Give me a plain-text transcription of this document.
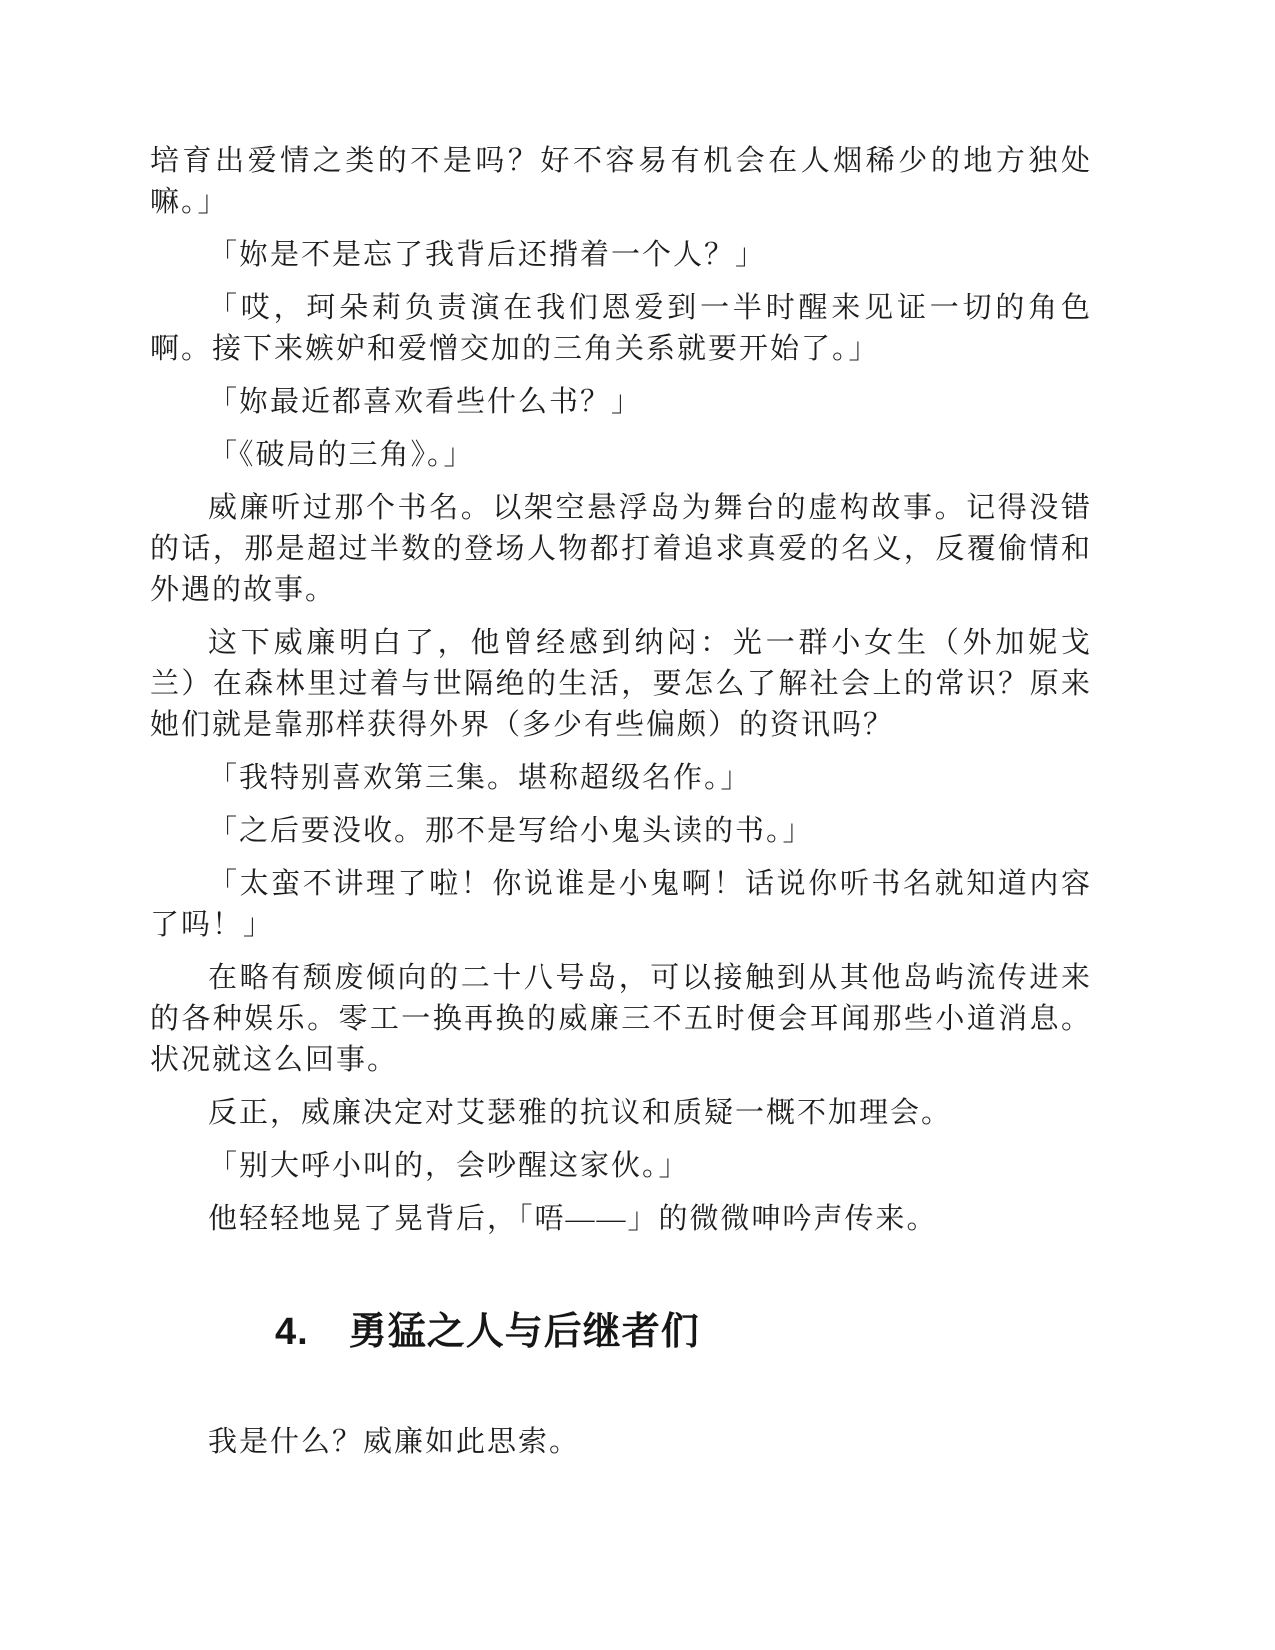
培育出爱情之类的不是吗？好不容易有机会在人烟稀少的地方独处嘛。」

「妳是不是忘了我背后还揹着一个人？」

「哎，珂朵莉负责演在我们恩爱到一半时醒来见证一切的角色啊。接下来嫉妒和爱憎交加的三角关系就要开始了。」

「妳最近都喜欢看些什么书？」

「《破局的三角》。」

威廉听过那个书名。以架空悬浮岛为舞台的虚构故事。记得没错的话，那是超过半数的登场人物都打着追求真爱的名义，反覆偷情和外遇的故事。

这下威廉明白了，他曾经感到纳闷：光一群小女生（外加妮戈兰）在森林里过着与世隔绝的生活，要怎么了解社会上的常识？原来她们就是靠那样获得外界（多少有些偏颇）的资讯吗？

「我特别喜欢第三集。堪称超级名作。」

「之后要没收。那不是写给小鬼头读的书。」

「太蛮不讲理了啦！你说谁是小鬼啊！话说你听书名就知道内容了吗！」

在略有颓废倾向的二十八号岛，可以接触到从其他岛屿流传进来的各种娱乐。零工一换再换的威廉三不五时便会耳闻那些小道消息。状况就这么回事。

反正，威廉决定对艾瑟雅的抗议和质疑一概不加理会。

「别大呼小叫的，会吵醒这家伙。」

他轻轻地晃了晃背后，「唔——」的微微呻吟声传来。

4. 勇猛之人与后继者们

我是什么？威廉如此思索。
